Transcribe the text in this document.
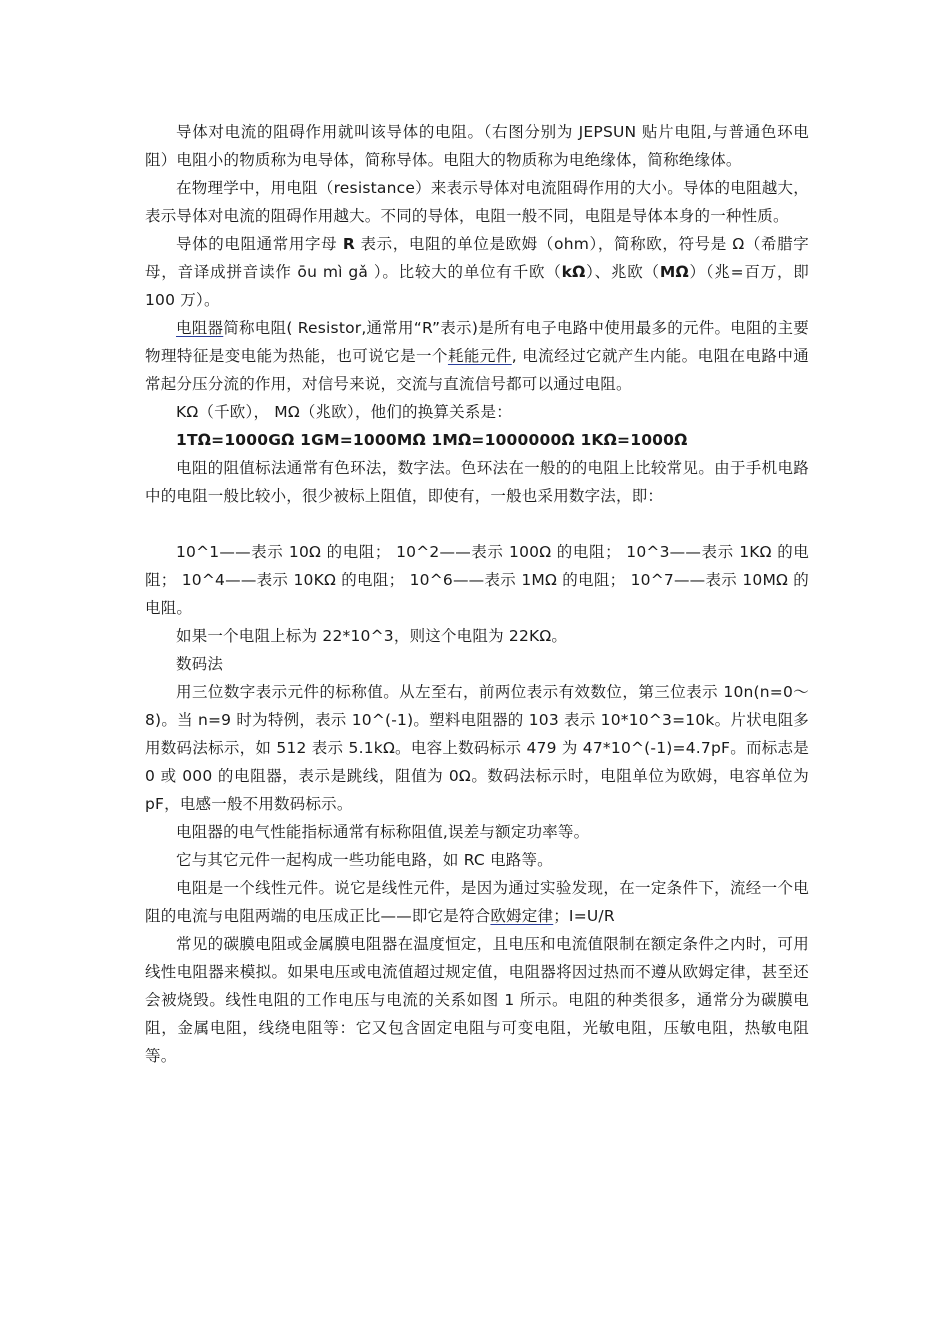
导体对电流的阻碍作用就叫该导体的电阻。（右图分别为 JEPSUN 贴片电阻,与普通色环电阻）电阻小的物质称为电导体，简称导体。电阻大的物质称为电绝缘体，简称绝缘体。

在物理学中，用电阻（resistance）来表示导体对电流阻碍作用的大小。导体的电阻越大，表示导体对电流的阻碍作用越大。不同的导体，电阻一般不同，电阻是导体本身的一种性质。

导体的电阻通常用字母 R 表示，电阻的单位是欧姆（ohm），简称欧，符号是 Ω（希腊字母，音译成拼音读作 ōu mì gǎ ）。比较大的单位有千欧（kΩ）、兆欧（MΩ）（兆=百万，即 100 万）。

电阻器简称电阻( Resistor,通常用“R”表示)是所有电子电路中使用最多的元件。电阻的主要物理特征是变电能为热能，也可说它是一个耗能元件, 电流经过它就产生内能。电阻在电路中通常起分压分流的作用，对信号来说，交流与直流信号都可以通过电阻。

KΩ（千欧）， MΩ（兆欧），他们的换算关系是：

1TΩ=1000GΩ 1GM=1000MΩ 1MΩ=1000000Ω 1KΩ=1000Ω

电阻的阻值标法通常有色环法，数字法。色环法在一般的的电阻上比较常见。由于手机电路中的电阻一般比较小，很少被标上阻值，即使有，一般也采用数字法，即：

10^1——表示 10Ω 的电阻； 10^2——表示 100Ω 的电阻； 10^3——表示 1KΩ 的电阻； 10^4——表示 10KΩ 的电阻； 10^6——表示 1MΩ 的电阻； 10^7——表示 10MΩ 的电阻。

如果一个电阻上标为 22*10^3，则这个电阻为 22KΩ。

数码法

用三位数字表示元件的标称值。从左至右，前两位表示有效数位，第三位表示 10n(n=0～8)。当 n=9 时为特例，表示 10^(-1)。塑料电阻器的 103 表示 10*10^3=10k。片状电阻多用数码法标示，如 512 表示 5.1kΩ。电容上数码标示 479 为 47*10^(-1)=4.7pF。而标志是 0 或 000 的电阻器，表示是跳线，阻值为 0Ω。数码法标示时，电阻单位为欧姆，电容单位为 pF，电感一般不用数码标示。

电阻器的电气性能指标通常有标称阻值,误差与额定功率等。

它与其它元件一起构成一些功能电路，如 RC 电路等。

电阻是一个线性元件。说它是线性元件，是因为通过实验发现，在一定条件下，流经一个电阻的电流与电阻两端的电压成正比——即它是符合欧姆定律；I=U/R

常见的碳膜电阻或金属膜电阻器在温度恒定，且电压和电流值限制在额定条件之内时，可用线性电阻器来模拟。如果电压或电流值超过规定值，电阻器将因过热而不遵从欧姆定律，甚至还会被烧毁。线性电阻的工作电压与电流的关系如图 1 所示。电阻的种类很多，通常分为碳膜电阻，金属电阻，线绕电阻等：它又包含固定电阻与可变电阻，光敏电阻，压敏电阻，热敏电阻等。
